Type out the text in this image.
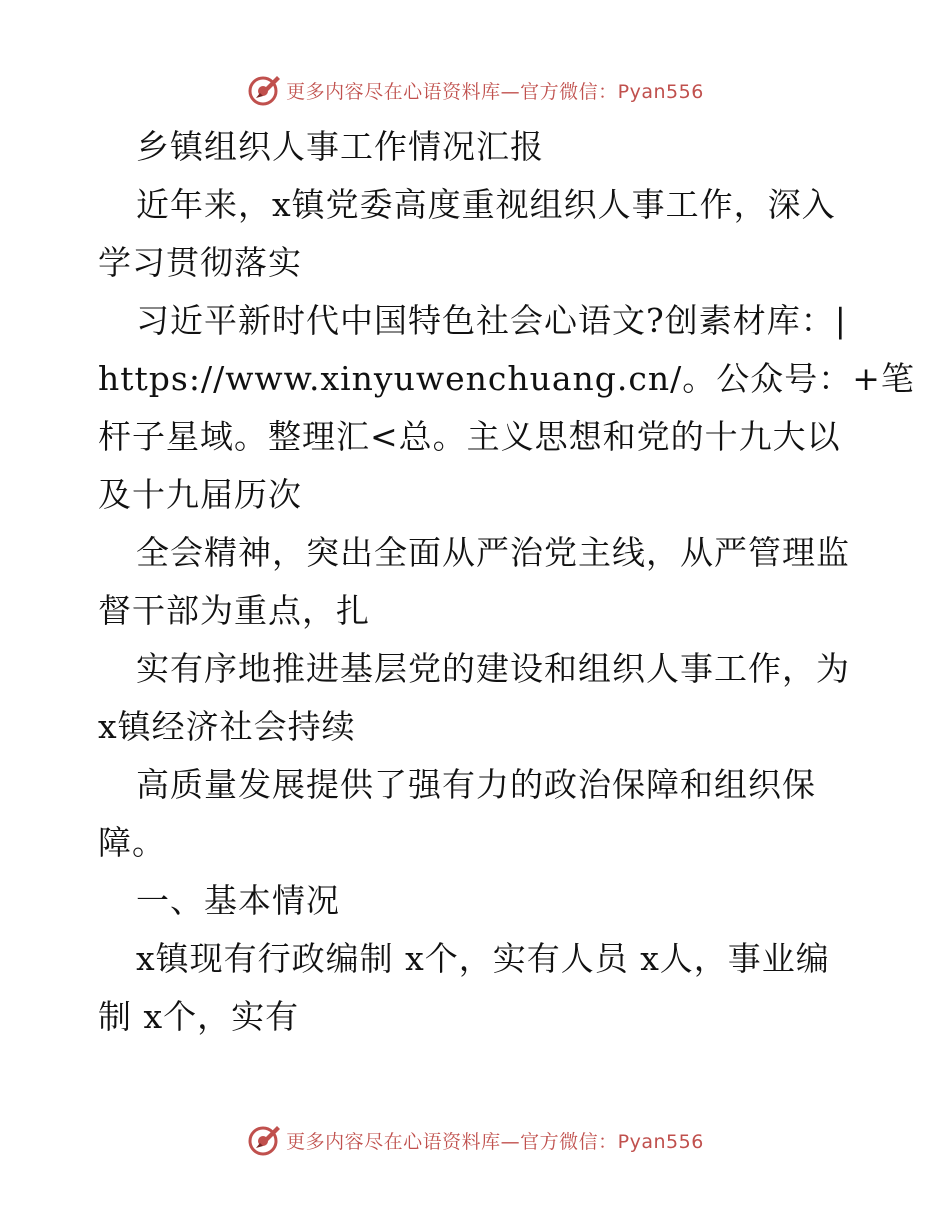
更多内容尽在心语资料库—官方微信：Pyan556
乡镇组织人事工作情况汇报
近年来，x镇党委高度重视组织人事工作，深入
学习贯彻落实
习近平新时代中国特色社会心语文?创素材库：|
https://www.xinyuwenchuang.cn/。公众号：+笔
杆子星域。整理汇<总。主义思想和党的十九大以
及十九届历次
全会精神，突出全面从严治党主线，从严管理监
督干部为重点，扎
实有序地推进基层党的建设和组织人事工作，为
x镇经济社会持续
高质量发展提供了强有力的政治保障和组织保
障。
一、基本情况
x镇现有行政编制 x个，实有人员 x人，事业编
制 x个，实有
更多内容尽在心语资料库—官方微信：Pyan556
